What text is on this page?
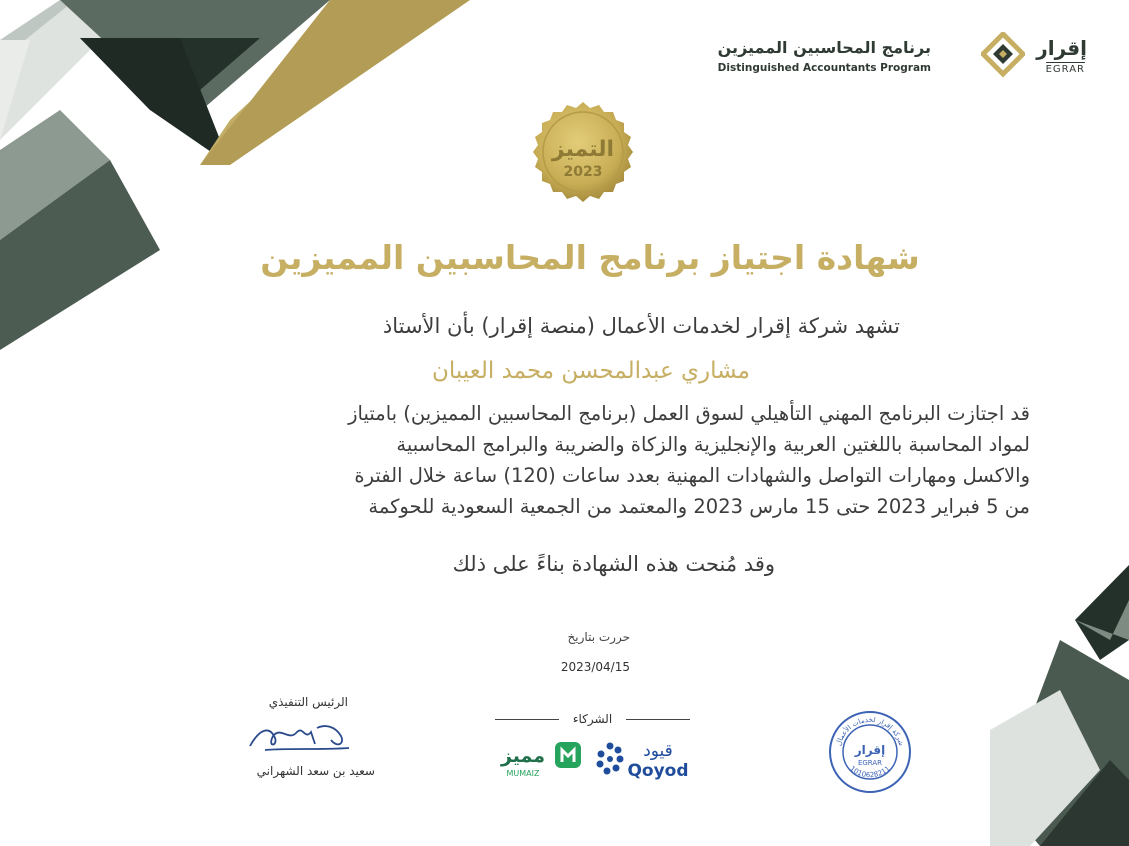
برنامج المحاسبين المميزين
Distinguished Accountants Program
إقرار
EGRAR
التميز
2023
شهادة اجتياز برنامج المحاسبين المميزين
تشهد شركة إقرار لخدمات الأعمال (منصة إقرار) بأن الأستاذ
مشاري عبدالمحسن محمد العيبان
قد اجتازت البرنامج المهني التأهيلي لسوق العمل (برنامج المحاسبين المميزين) بامتياز
لمواد المحاسبة باللغتين العربية والإنجليزية والزكاة والضريبة والبرامج المحاسبية
والاكسل ومهارات التواصل والشهادات المهنية بعدد ساعات (120) ساعة خلال الفترة
من 5 فبراير 2023 حتى 15 مارس 2023 والمعتمد من الجمعية السعودية للحوكمة
وقد مُنحت هذه الشهادة بناءً على ذلك
حررت بتاريخ
2023/04/15
الرئيس التنفيذي
سعيد بن سعد الشهراني
الشركاء
مميز
MUMAIZ
قيود
Qoyod
شركة إقرار لخدمات الأعمال
1010628211
إقرار
EGRAR
